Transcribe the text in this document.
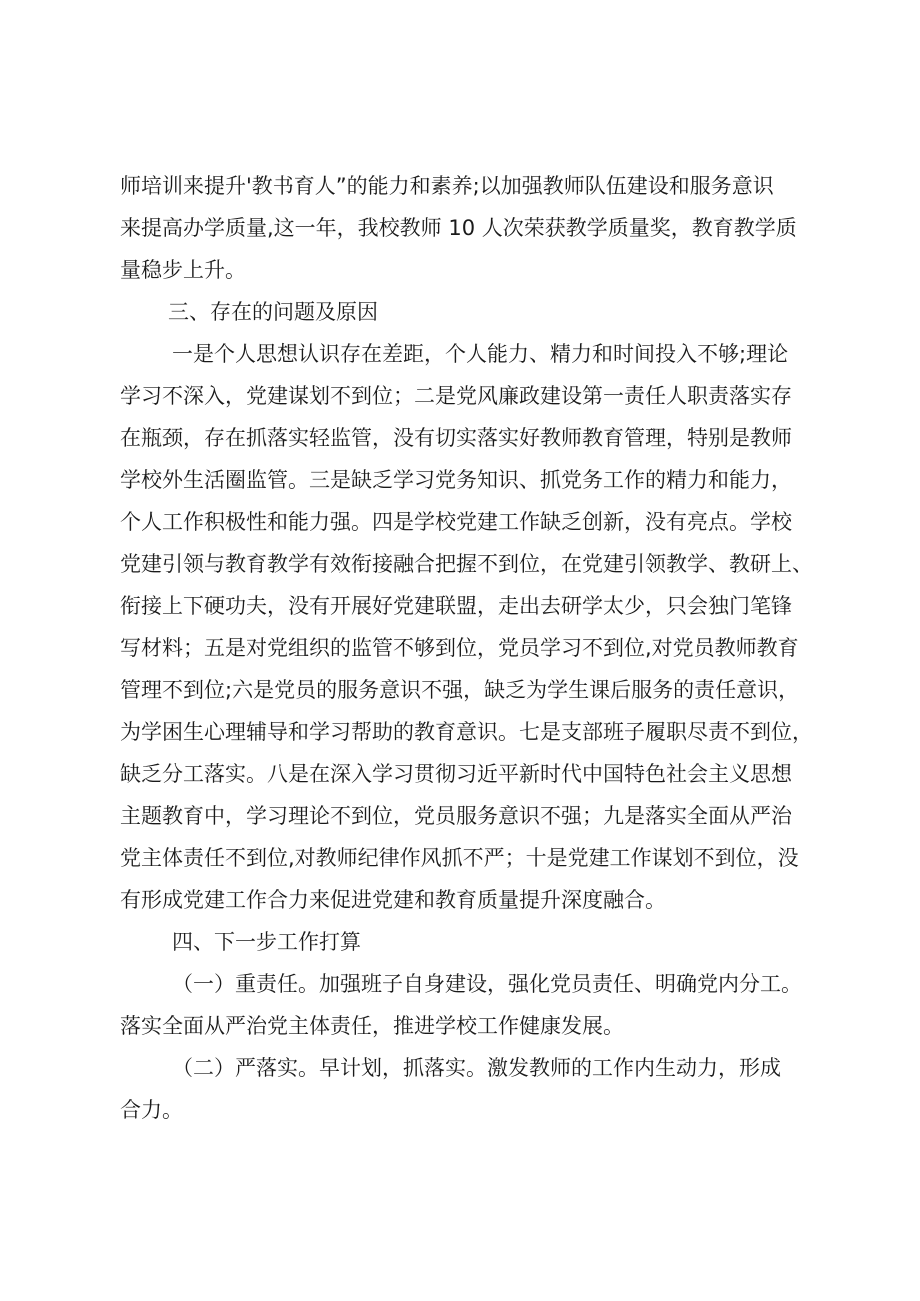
师培训来提升'教书育人”的能力和素养;以加强教师队伍建设和服务意识
来提高办学质量,这一年，我校教师 10 人次荣获教学质量奖，教育教学质
量稳步上升。
三、存在的问题及原因
一是个人思想认识存在差距，个人能力、精力和时间投入不够;理论
学习不深入，党建谋划不到位；二是党风廉政建设第一责任人职责落实存
在瓶颈，存在抓落实轻监管，没有切实落实好教师教育管理，特别是教师
学校外生活圈监管。三是缺乏学习党务知识、抓党务工作的精力和能力，
个人工作积极性和能力强。四是学校党建工作缺乏创新，没有亮点。学校
党建引领与教育教学有效衔接融合把握不到位，在党建引领教学、教研上、
衔接上下硬功夫，没有开展好党建联盟，走出去研学太少，只会独门笔锋
写材料；五是对党组织的监管不够到位，党员学习不到位,对党员教师教育
管理不到位;六是党员的服务意识不强，缺乏为学生课后服务的责任意识，
为学困生心理辅导和学习帮助的教育意识。七是支部班子履职尽责不到位，
缺乏分工落实。八是在深入学习贯彻习近平新时代中国特色社会主义思想
主题教育中，学习理论不到位，党员服务意识不强；九是落实全面从严治
党主体责任不到位,对教师纪律作风抓不严；十是党建工作谋划不到位，没
有形成党建工作合力来促进党建和教育质量提升深度融合。
四、下一步工作打算
（一）重责任。加强班子自身建设，强化党员责任、明确党内分工。
落实全面从严治党主体责任，推进学校工作健康发展。
（二）严落实。早计划，抓落实。激发教师的工作内生动力，形成
合力。
